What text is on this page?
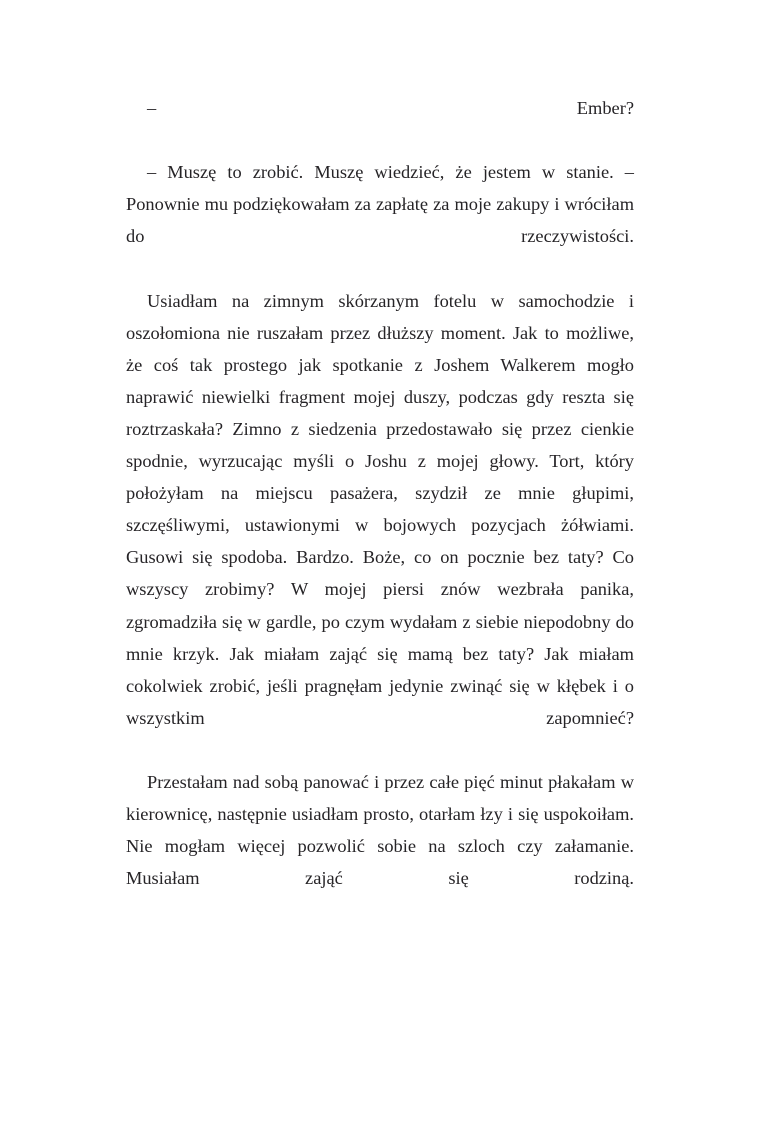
– Ember?

– Muszę to zrobić. Muszę wiedzieć, że jestem w stanie. – Ponownie mu podziękowałam za zapłatę za moje zakupy i wróciłam do rzeczywistości.

Usiadłam na zimnym skórzanym fotelu w samochodzie i oszołomiona nie ruszałam przez dłuższy moment. Jak to możliwe, że coś tak prostego jak spotkanie z Joshem Walkerem mogło naprawić niewielki fragment mojej duszy, podczas gdy reszta się roztrzaskała? Zimno z siedzenia przedostawało się przez cienkie spodnie, wyrzucając myśli o Joshu z mojej głowy. Tort, który położyłam na miejscu pasażera, szydził ze mnie głupimi, szczęśliwymi, ustawionymi w bojowych pozycjach żółwiami. Gusowi się spodoba. Bardzo. Boże, co on pocznie bez taty? Co wszyscy zrobimy? W mojej piersi znów wezbrała panika, zgromadziła się w gardle, po czym wydałam z siebie niepodobny do mnie krzyk. Jak miałam zająć się mamą bez taty? Jak miałam cokolwiek zrobić, jeśli pragnęłam jedynie zwinąć się w kłębek i o wszystkim zapomnieć?

Przestałam nad sobą panować i przez całe pięć minut płakałam w kierownicę, następnie usiadłam prosto, otarłam łzy i się uspokoiłam. Nie mogłam więcej pozwolić sobie na szloch czy załamanie. Musiałam zająć się rodziną.
